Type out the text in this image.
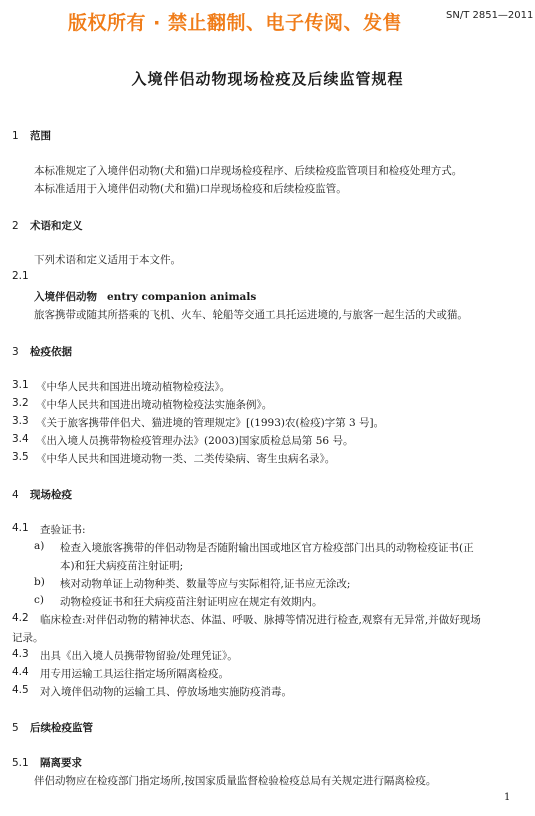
版权所有 · 禁止翻制、电子传阅、发售	SN/T 2851—2011
入境伴侣动物现场检疫及后续监管规程
1 范围
本标准规定了入境伴侣动物(犬和猫)口岸现场检疫程序、后续检疫监管项目和检疫处理方式。
本标准适用于入境伴侣动物(犬和猫)口岸现场检疫和后续检疫监管。
2 术语和定义
下列术语和定义适用于本文件。
2.1
入境伴侣动物 entry companion animals
旅客携带或随其所搭乘的飞机、火车、轮船等交通工具托运进境的,与旅客一起生活的犬或猫。
3 检疫依据
3.1 《中华人民共和国进出境动植物检疫法》。
3.2 《中华人民共和国进出境动植物检疫法实施条例》。
3.3 《关于旅客携带伴侣犬、猫进境的管理规定》[(1993)农(检疫)字第 3 号]。
3.4 《出入境人员携带物检疫管理办法》(2003)国家质检总局第 56 号。
3.5 《中华人民共和国进境动物一类、二类传染病、寄生虫病名录》。
4 现场检疫
4.1 查验证书:
a) 检查入境旅客携带的伴侣动物是否随附输出国或地区官方检疫部门出具的动物检疫证书(正
本)和狂犬病疫苗注射证明;
b) 核对动物单证上动物种类、数量等应与实际相符,证书应无涂改;
c) 动物检疫证书和狂犬病疫苗注射证明应在规定有效期内。
4.2 临床检查:对伴侣动物的精神状态、体温、呼吸、脉搏等情况进行检查,观察有无异常,并做好现场
记录。
4.3 出具《出入境人员携带物留验/处理凭证》。
4.4 用专用运输工具运往指定场所隔离检疫。
4.5 对入境伴侣动物的运输工具、停放场地实施防疫消毒。
5 后续检疫监管
5.1 隔离要求
伴侣动物应在检疫部门指定场所,按国家质量监督检验检疫总局有关规定进行隔离检疫。
1
